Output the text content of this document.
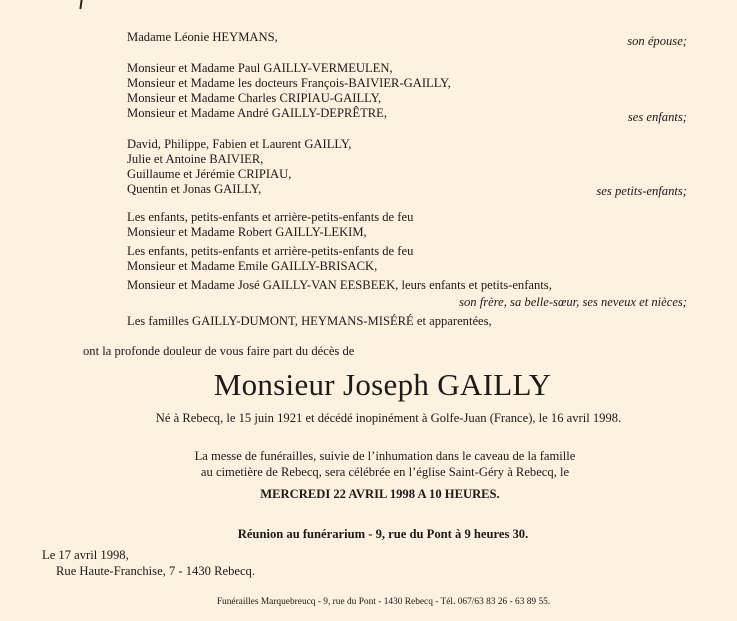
Madame Léonie HEYMANS,	son épouse;
Monsieur et Madame Paul GAILLY-VERMEULEN,
Monsieur et Madame les docteurs François-BAIVIER-GAILLY,
Monsieur et Madame Charles CRIPIAU-GAILLY,
Monsieur et Madame André GAILLY-DEPRÊTRE,	ses enfants;
David, Philippe, Fabien et Laurent GAILLY,
Julie et Antoine BAIVIER,
Guillaume et Jérémie CRIPIAU,
Quentin et Jonas GAILLY,	ses petits-enfants;
Les enfants, petits-enfants et arrière-petits-enfants de feu
Monsieur et Madame Robert GAILLY-LEKIM,
Les enfants, petits-enfants et arrière-petits-enfants de feu
Monsieur et Madame Emile GAILLY-BRISACK,
Monsieur et Madame José GAILLY-VAN EESBEEK, leurs enfants et petits-enfants,
son frère, sa belle-sœur, ses neveux et nièces;
Les familles GAILLY-DUMONT, HEYMANS-MISÉRÉ et apparentées,
ont la profonde douleur de vous faire part du décès de
Monsieur Joseph GAILLY
Né à Rebecq, le 15 juin 1921 et décédé inopinément à Golfe-Juan (France), le 16 avril 1998.
La messe de funérailles, suivie de l’inhumation dans le caveau de la famille
au cimetière de Rebecq, sera célébrée en l’église Saint-Géry à Rebecq, le
MERCREDI 22 AVRIL 1998 A 10 HEURES.
Réunion au funérarium - 9, rue du Pont à 9 heures 30.
Le 17 avril 1998,
Rue Haute-Franchise, 7 - 1430 Rebecq.
Funérailles Marquebreucq - 9, rue du Pont - 1430 Rebecq - Tél. 067/63 83 26 - 63 89 55.
